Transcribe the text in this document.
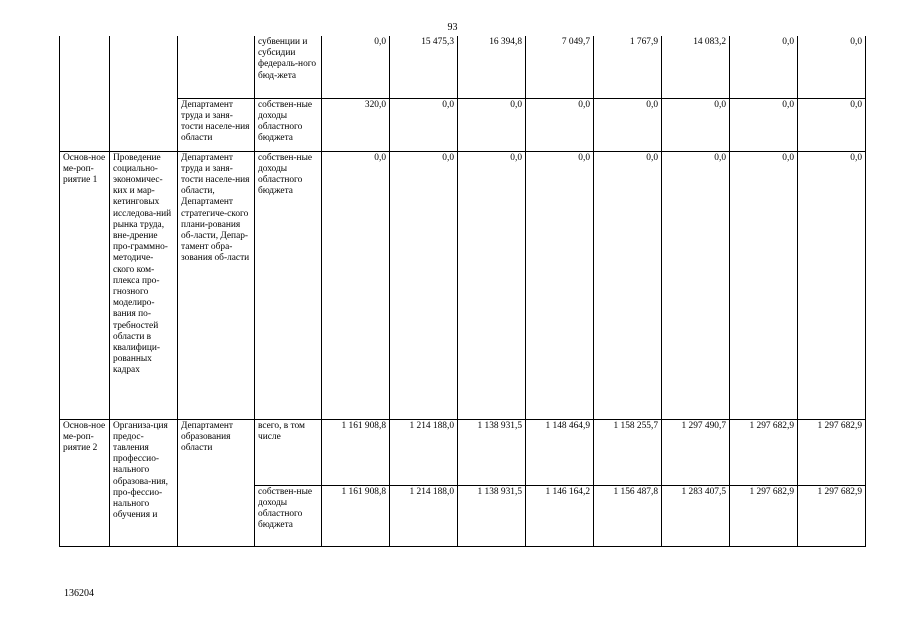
93
			субвенции и субсидии федераль-ного бюд-жета	0,0	15 475,3	16 394,8	7 049,7	1 767,9	14 083,2	0,0	0,0
		Департамент труда и заня-тости населе-ния области	собствен-ные доходы областного бюджета	320,0	0,0	0,0	0,0	0,0	0,0	0,0	0,0
Основ-ное ме-роп-риятие 1	Проведение социально-экономичес-ких и мар-кетинговых исследова-ний рынка труда, вне-дрение про-граммно-методиче-ского ком-плекса про-гнозного моделиро-вания по-требностей области в квалифици-рованных кадрах	Департамент труда и заня-тости населе-ния области, Департамент стратегиче-ского плани-рования об-ласти, Депар-тамент обра-зования об-ласти	собствен-ные доходы областного бюджета	0,0	0,0	0,0	0,0	0,0	0,0	0,0	0,0
Основ-ное ме-роп-риятие 2	Организа-ция предос-тавления профессио-нального образова-ния, про-фессио-нального обучения и	Департамент образования области	всего, в том числе	1 161 908,8	1 214 188,0	1 138 931,5	1 148 464,9	1 158 255,7	1 297 490,7	1 297 682,9	1 297 682,9
			собствен-ные доходы областного бюджета	1 161 908,8	1 214 188,0	1 138 931,5	1 146 164,2	1 156 487,8	1 283 407,5	1 297 682,9	1 297 682,9
136204
